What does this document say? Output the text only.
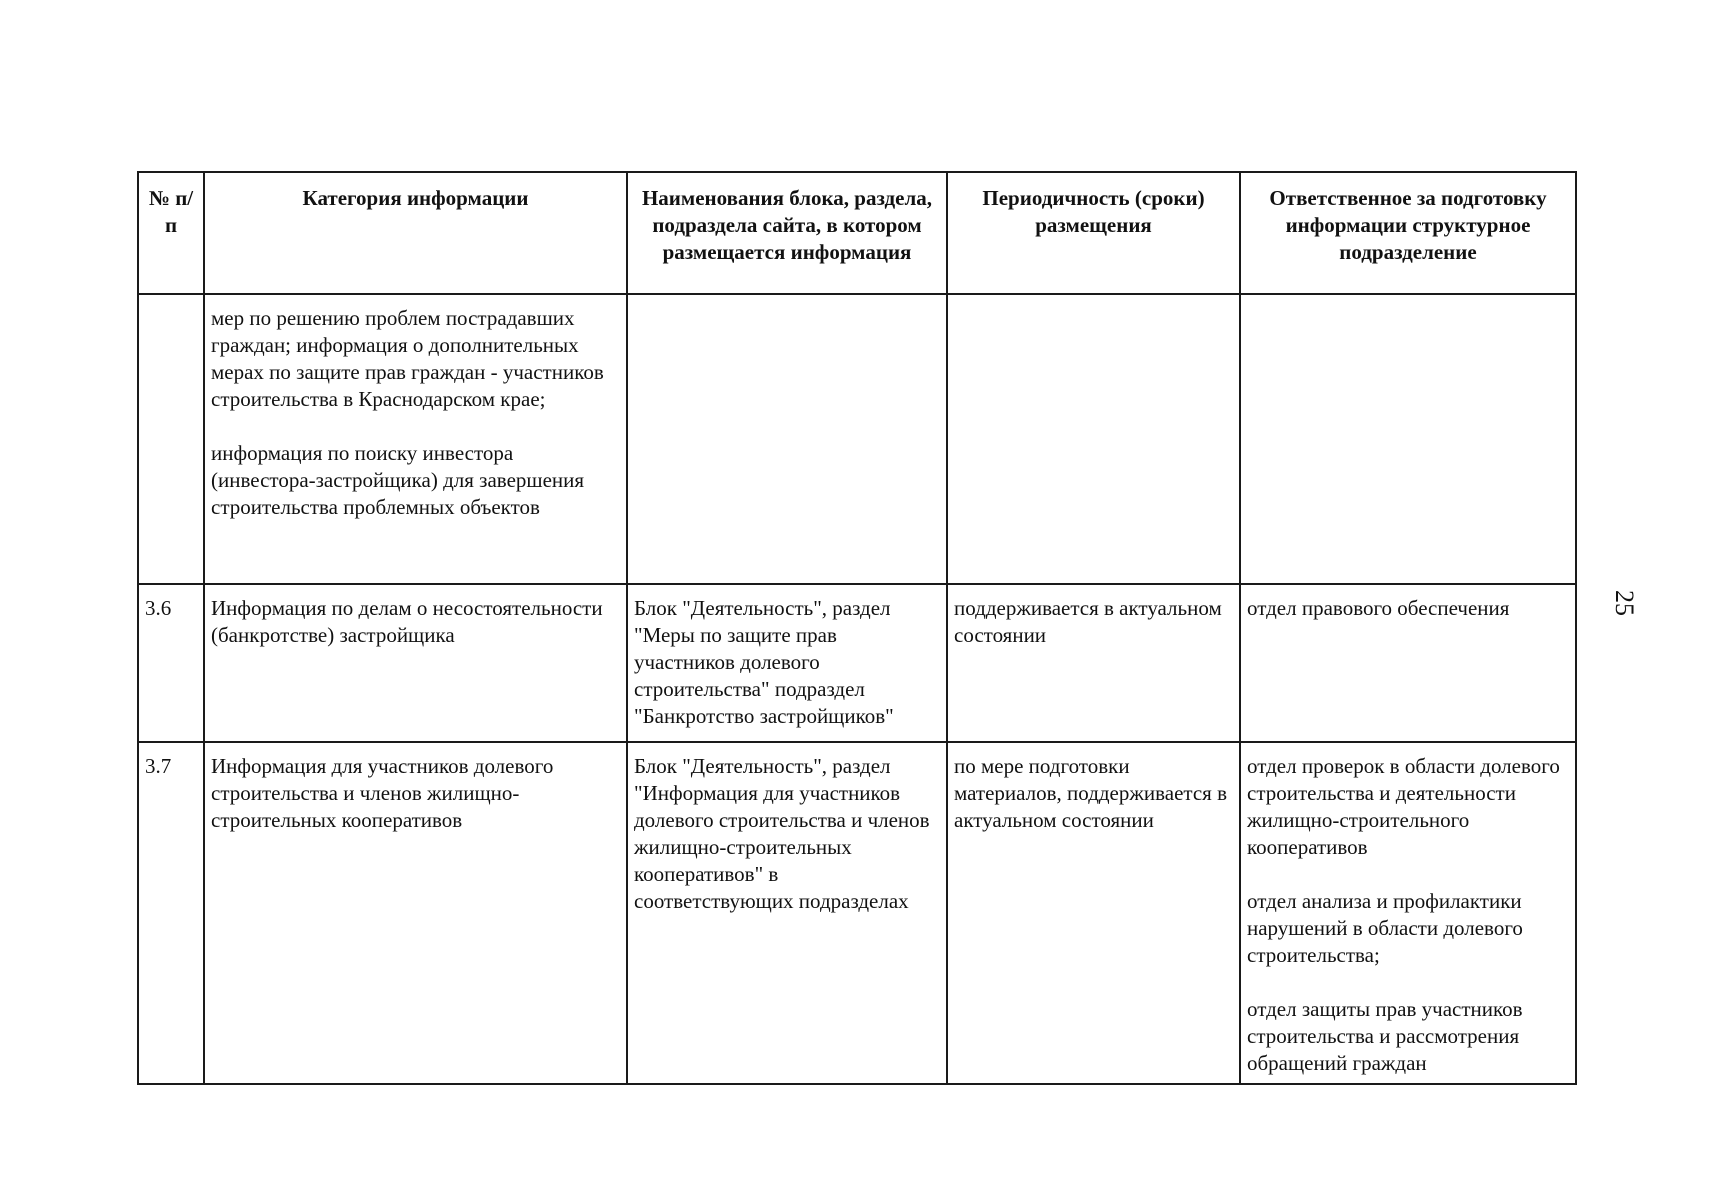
№ п/п	Категория информации	Наименования блока, раздела, подраздела сайта, в котором размещается информация	Периодичность (сроки) размещения	Ответственное за подготовку информации структурное подразделение

	мер по решению проблем пострадавших граждан; информация о дополнительных мерах по защите прав граждан - участников строительства в Краснодарском крае;
информация по поиску инвестора (инвестора-застройщика) для завершения строительства проблемных объектов			

3.6	Информация по делам о несостоятельности (банкротстве) застройщика	Блок "Деятельность", раздел "Меры по защите прав участников долевого строительства" подраздел "Банкротство застройщиков"	поддерживается в актуальном состоянии	отдел правового обеспечения

3.7	Информация для участников долевого строительства и членов жилищно-строительных кооперативов	Блок "Деятельность", раздел "Информация для участников долевого строительства и членов жилищно-строительных кооперативов" в соответствующих подразделах	по мере подготовки материалов, поддерживается в актуальном состоянии	отдел проверок в области долевого строительства и деятельности жилищно-строительного кооперативов
отдел анализа и профилактики нарушений в области долевого строительства;
отдел защиты прав участников строительства и рассмотрения обращений граждан
25
